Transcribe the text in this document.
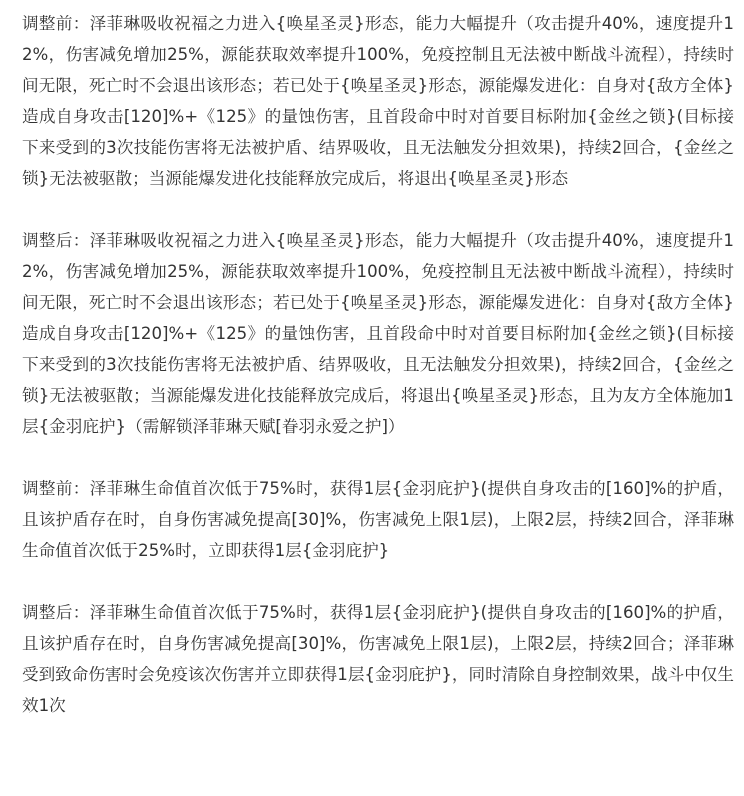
调整前：泽菲琳吸收祝福之力进入{唤星圣灵}形态，能力大幅提升（攻击提升40%，速度提升12%，伤害减免增加25%，源能获取效率提升100%，免疫控制且无法被中断战斗流程），持续时间无限，死亡时不会退出该形态；若已处于{唤星圣灵}形态，源能爆发进化：自身对{敌方全体}造成自身攻击[120]%+《125》的量蚀伤害，且首段命中时对首要目标附加{金丝之锁}(目标接下来受到的3次技能伤害将无法被护盾、结界吸收，且无法触发分担效果)，持续2回合，{金丝之锁}无法被驱散；当源能爆发进化技能释放完成后，将退出{唤星圣灵}形态

调整后：泽菲琳吸收祝福之力进入{唤星圣灵}形态，能力大幅提升（攻击提升40%，速度提升12%，伤害减免增加25%，源能获取效率提升100%，免疫控制且无法被中断战斗流程），持续时间无限，死亡时不会退出该形态；若已处于{唤星圣灵}形态，源能爆发进化：自身对{敌方全体}造成自身攻击[120]%+《125》的量蚀伤害，且首段命中时对首要目标附加{金丝之锁}(目标接下来受到的3次技能伤害将无法被护盾、结界吸收，且无法触发分担效果)，持续2回合，{金丝之锁}无法被驱散；当源能爆发进化技能释放完成后，将退出{唤星圣灵}形态，且为友方全体施加1层{金羽庇护}（需解锁泽菲琳天赋[眷羽永爱之护]）

调整前：泽菲琳生命值首次低于75%时，获得1层{金羽庇护}(提供自身攻击的[160]%的护盾，且该护盾存在时，自身伤害减免提高[30]%，伤害减免上限1层)，上限2层，持续2回合，泽菲琳生命值首次低于25%时，立即获得1层{金羽庇护}

调整后：泽菲琳生命值首次低于75%时，获得1层{金羽庇护}(提供自身攻击的[160]%的护盾，且该护盾存在时，自身伤害减免提高[30]%，伤害减免上限1层)，上限2层，持续2回合；泽菲琳受到致命伤害时会免疫该次伤害并立即获得1层{金羽庇护}，同时清除自身控制效果，战斗中仅生效1次
